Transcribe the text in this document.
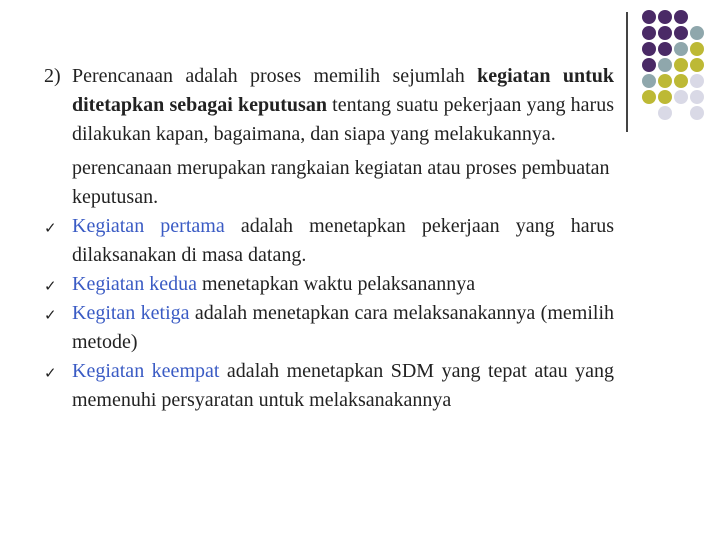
2) Perencanaan adalah proses memilih sejumlah kegiatan untuk ditetapkan sebagai keputusan tentang suatu pekerjaan yang harus dilakukan kapan, bagaimana, dan siapa yang melakukannya.

perencanaan merupakan rangkaian kegiatan atau proses pembuatan keputusan.

✓ Kegiatan pertama adalah menetapkan pekerjaan yang harus dilaksanakan di masa datang.
✓ Kegiatan kedua menetapkan waktu pelaksanannya
✓ Kegitan ketiga adalah menetapkan cara melaksanakannya (memilih metode)
✓ Kegiatan keempat adalah menetapkan SDM yang tepat atau yang memenuhi persyaratan untuk melaksanakannya
